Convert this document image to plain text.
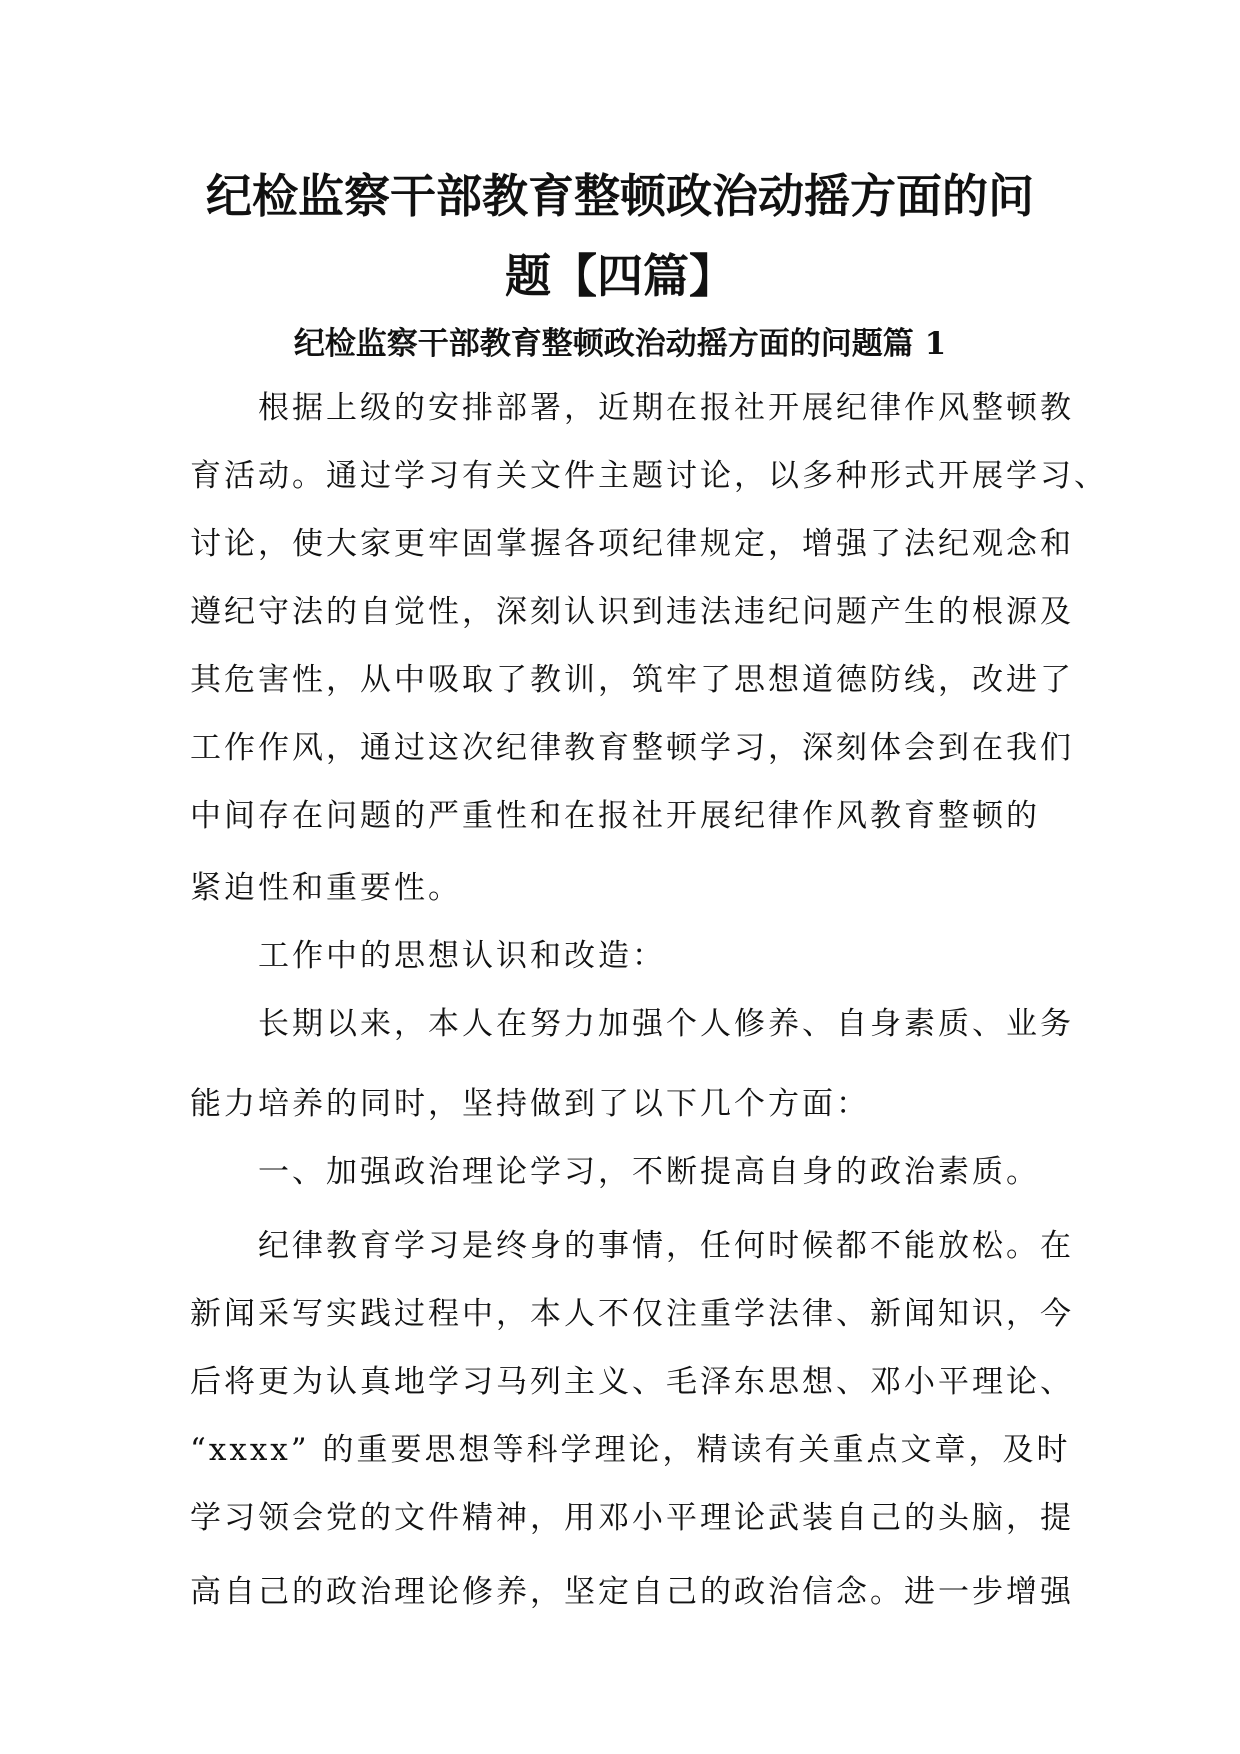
纪检监察干部教育整顿政治动摇方面的问
题【四篇】
纪检监察干部教育整顿政治动摇方面的问题篇 1
根据上级的安排部署，近期在报社开展纪律作风整顿教
育活动。通过学习有关文件主题讨论，以多种形式开展学习、
讨论，使大家更牢固掌握各项纪律规定，增强了法纪观念和
遵纪守法的自觉性，深刻认识到违法违纪问题产生的根源及
其危害性，从中吸取了教训，筑牢了思想道德防线，改进了
工作作风，通过这次纪律教育整顿学习，深刻体会到在我们
中间存在问题的严重性和在报社开展纪律作风教育整顿的
紧迫性和重要性。
工作中的思想认识和改造：
长期以来，本人在努力加强个人修养、自身素质、业务
能力培养的同时，坚持做到了以下几个方面：
一、加强政治理论学习，不断提高自身的政治素质。
纪律教育学习是终身的事情，任何时候都不能放松。在
新闻采写实践过程中，本人不仅注重学法律、新闻知识，今
后将更为认真地学习马列主义、毛泽东思想、邓小平理论、
“xxxx” 的重要思想等科学理论，精读有关重点文章，及时
学习领会党的文件精神，用邓小平理论武装自己的头脑，提
高自己的政治理论修养，坚定自己的政治信念。进一步增强
